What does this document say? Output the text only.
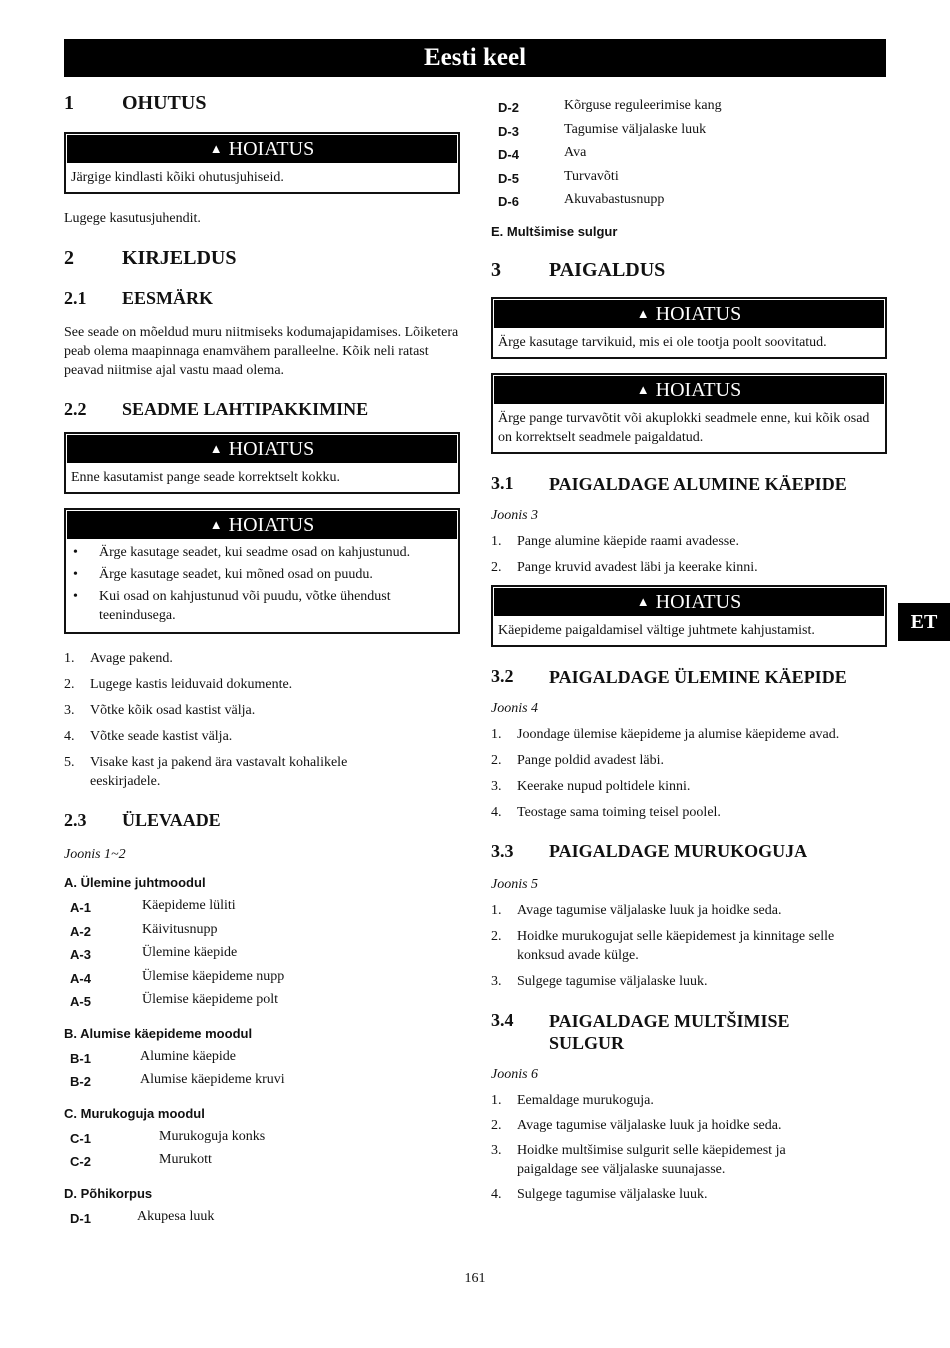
Eesti keel
ET
1	OHUTUS
▲ HOIATUS
Järgige kindlasti kõiki ohutusjuhiseid.

Lugege kasutusjuhendit.

2	KIRJELDUS
2.1	EESMÄRK

See seade on mõeldud muru niitmiseks kodumajapidamises. Lõiketera peab olema maapinnaga enamvähem paralleelne. Kõik neli ratast peavad niitmise ajal vastu maad olema.

2.2	SEADME LAHTIPAKKIMINE
▲ HOIATUS
Enne kasutamist pange seade korrektselt kokku.
▲ HOIATUS
•	Ärge kasutage seadet, kui seadme osad on kahjustunud.
•	Ärge kasutage seadet, kui mõned osad on puudu.
•	Kui osad on kahjustunud või puudu, võtke ühendust teenindusega.
1.	Avage pakend.
2.	Lugege kastis leiduvaid dokumente.
3.	Võtke kõik osad kastist välja.
4.	Võtke seade kastist välja.
5.	Visake kast ja pakend ära vastavalt kohalikele eeskirjadele.
2.3	ÜLEVAADE
Joonis 1~2
A. Ülemine juhtmoodul
A-1	Käepideme lüliti
A-2	Käivitusnupp
A-3	Ülemine käepide
A-4	Ülemise käepideme nupp
A-5	Ülemise käepideme polt
B. Alumise käepideme moodul
B-1	Alumine käepide
B-2	Alumise käepideme kruvi
C. Murukoguja moodul
C-1	Murukoguja konks
C-2	Murukott
D. Põhikorpus
D-1	Akupesa luuk
D-2	Kõrguse reguleerimise kang
D-3	Tagumise väljalaske luuk
D-4	Ava
D-5	Turvavõti
D-6	Akuvabastusnupp
E. Multšimise sulgur
3	PAIGALDUS
▲ HOIATUS
Ärge kasutage tarvikuid, mis ei ole tootja poolt soovitatud.
▲ HOIATUS
Ärge pange turvavõtit või akuplokki seadmele enne, kui kõik osad on korrektselt seadmele paigaldatud.
3.1	PAIGALDAGE ALUMINE KÄEPIDE
Joonis 3
1.	Pange alumine käepide raami avadesse.
2.	Pange kruvid avadest läbi ja keerake kinni.
▲ HOIATUS
Käepideme paigaldamisel vältige juhtmete kahjustamist.
3.2	PAIGALDAGE ÜLEMINE KÄEPIDE
Joonis 4
1.	Joondage ülemise käepideme ja alumise käepideme avad.
2.	Pange poldid avadest läbi.
3.	Keerake nupud poltidele kinni.
4.	Teostage sama toiming teisel poolel.
3.3	PAIGALDAGE MURUKOGUJA
Joonis 5
1.	Avage tagumise väljalaske luuk ja hoidke seda.
2.	Hoidke murukogujat selle käepidemest ja kinnitage selle konksud avade külge.
3.	Sulgege tagumise väljalaske luuk.
3.4	PAIGALDAGE MULTŠIMISE SULGUR
Joonis 6
1.	Eemaldage murukoguja.
2.	Avage tagumise väljalaske luuk ja hoidke seda.
3.	Hoidke multšimise sulgurit selle käepidemest ja paigaldage see väljalaske suunajasse.
4.	Sulgege tagumise väljalaske luuk.
161
